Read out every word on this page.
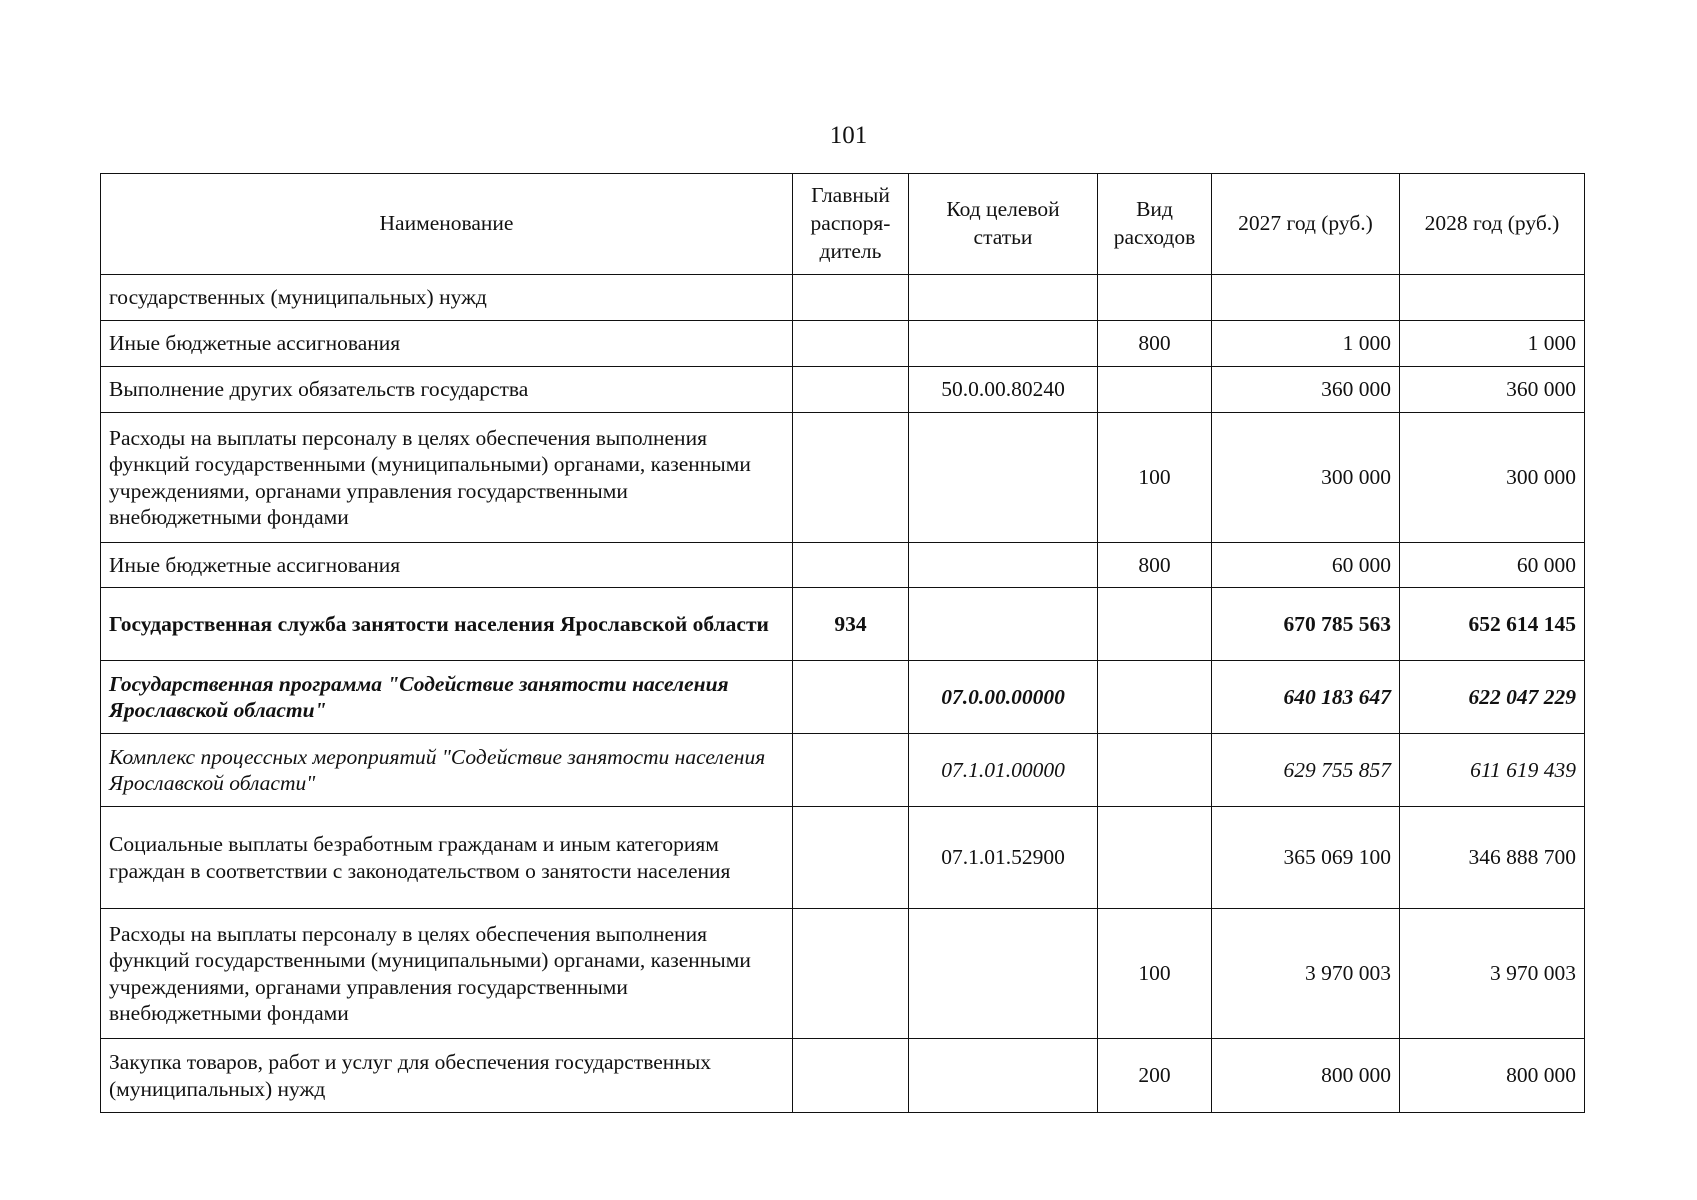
101
Наименование	Главный распоря-дитель	Код целевой статьи	Вид расходов	2027 год (руб.)	2028 год (руб.)
государственных (муниципальных) нужд					
Иные бюджетные ассигнования			800	1 000	1 000
Выполнение других обязательств государства		50.0.00.80240		360 000	360 000
Расходы на выплаты персоналу в целях обеспечения выполнения функций государственными (муниципальными) органами, казенными учреждениями, органами управления государственными внебюджетными фондами			100	300 000	300 000
Иные бюджетные ассигнования			800	60 000	60 000
Государственная служба занятости населения Ярославской области	934			670 785 563	652 614 145
Государственная программа "Содействие занятости населения Ярославской области"		07.0.00.00000		640 183 647	622 047 229
Комплекс процессных мероприятий "Содействие занятости населения Ярославской области"		07.1.01.00000		629 755 857	611 619 439
Социальные выплаты безработным гражданам и иным категориям граждан в соответствии с законодательством о занятости населения		07.1.01.52900		365 069 100	346 888 700
Расходы на выплаты персоналу в целях обеспечения выполнения функций государственными (муниципальными) органами, казенными учреждениями, органами управления государственными внебюджетными фондами			100	3 970 003	3 970 003
Закупка товаров, работ и услуг для обеспечения государственных (муниципальных) нужд			200	800 000	800 000
